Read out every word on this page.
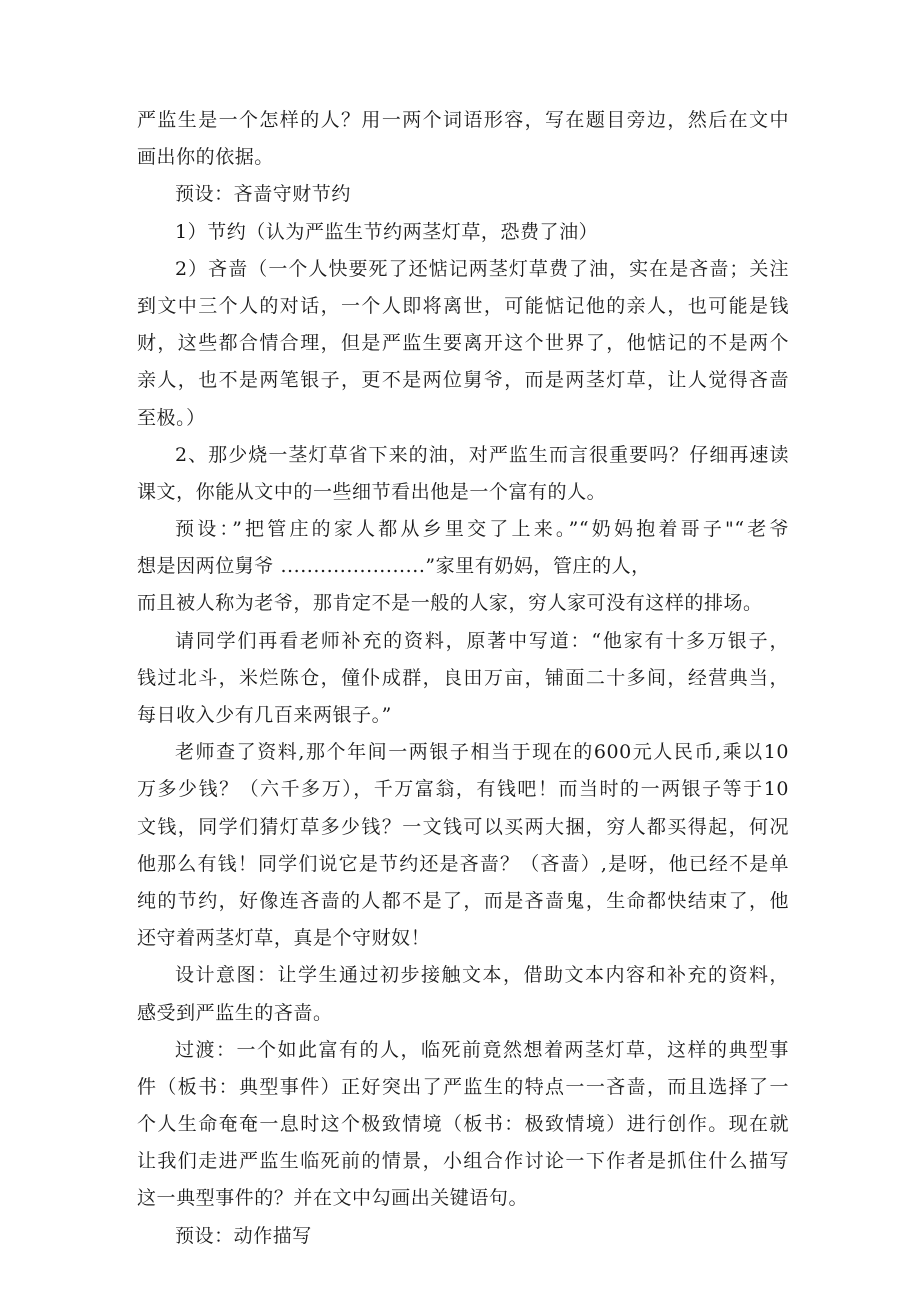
严监生是一个怎样的人？用一两个词语形容，写在题目旁边，然后在文中
画出你的依据。
预设：吝啬守财节约
1）节约（认为严监生节约两茎灯草，恐费了油）
2）吝啬（一个人快要死了还惦记两茎灯草费了油，实在是吝啬；关注
到文中三个人的对话，一个人即将离世，可能惦记他的亲人，也可能是钱
财，这些都合情合理，但是严监生要离开这个世界了，他惦记的不是两个
亲人，也不是两笔银子，更不是两位舅爷，而是两茎灯草，让人觉得吝啬
至极。）
2、那少烧一茎灯草省下来的油，对严监生而言很重要吗？仔细再速读
课文，你能从文中的一些细节看出他是一个富有的人。
预设：”把管庄的家人都从乡里交了上来。”“奶妈抱着哥子"“老爷
想是因两位舅爷 ......................”家里有奶妈，管庄的人，
而且被人称为老爷，那肯定不是一般的人家，穷人家可没有这样的排场。
请同学们再看老师补充的资料，原著中写道：“他家有十多万银子，
钱过北斗，米烂陈仓，僮仆成群，良田万亩，铺面二十多间，经营典当，
每日收入少有几百来两银子。”
老师查了资料,那个年间一两银子相当于现在的600元人民币,乘以10
万多少钱？（六千多万），千万富翁，有钱吧！而当时的一两银子等于10
文钱，同学们猜灯草多少钱？一文钱可以买两大捆，穷人都买得起，何况
他那么有钱！同学们说它是节约还是吝啬？（吝啬）,是呀，他已经不是单
纯的节约，好像连吝啬的人都不是了，而是吝啬鬼，生命都快结束了，他
还守着两茎灯草，真是个守财奴！
设计意图：让学生通过初步接触文本，借助文本内容和补充的资料，
感受到严监生的吝啬。
过渡：一个如此富有的人，临死前竟然想着两茎灯草，这样的典型事
件（板书：典型事件）正好突出了严监生的特点一一吝啬，而且选择了一
个人生命奄奄一息时这个极致情境（板书：极致情境）进行创作。现在就
让我们走进严监生临死前的情景，小组合作讨论一下作者是抓住什么描写
这一典型事件的？并在文中勾画出关键语句。
预设：动作描写
